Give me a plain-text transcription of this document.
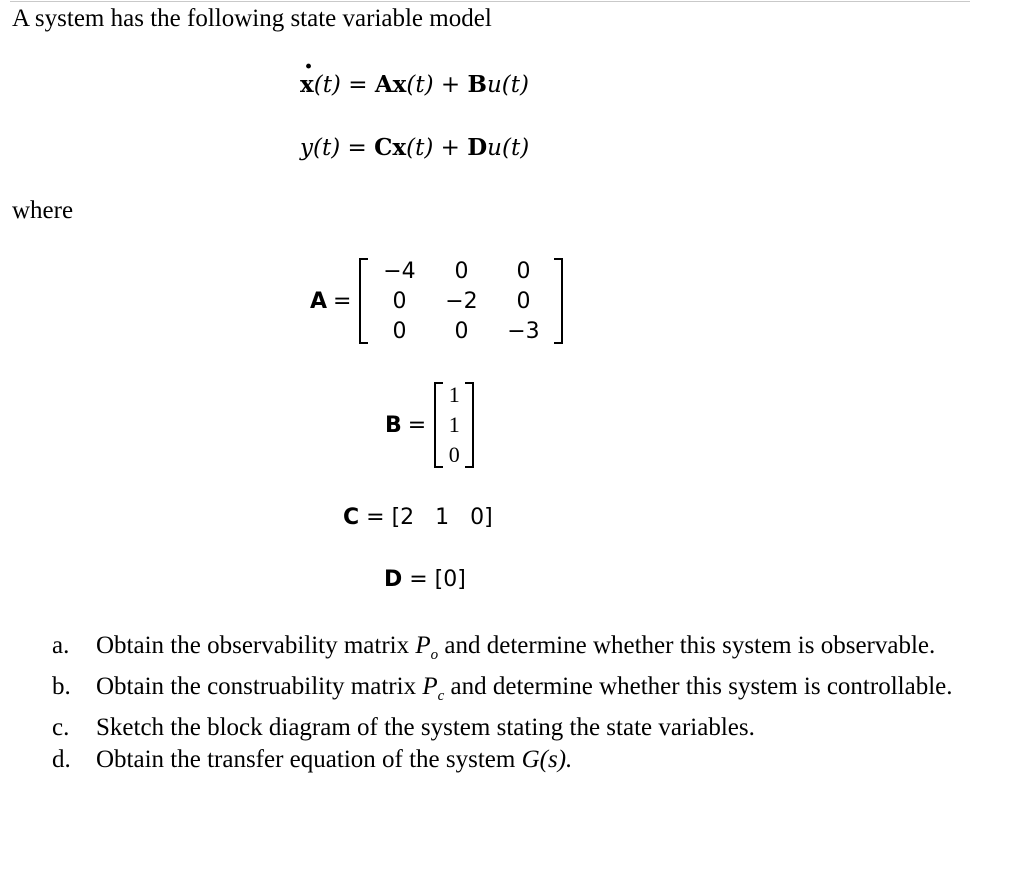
A system has the following state variable model
· x(t) = Ax(t) + Bu(t)
y(t) = Cx(t) + Du(t)
where
A =
−4	0	0
0	−2	0
0	0	−3
B =
1
1
0
C = [2   1   0]
D = [0]
a.	Obtain the observability matrix $P_o$ and determine whether this system is observable.
b.	Obtain the construability matrix $P_c$ and determine whether this system is controllable.
c.	Sketch the block diagram of the system stating the state variables.
d.	Obtain the transfer equation of the system G(s).
